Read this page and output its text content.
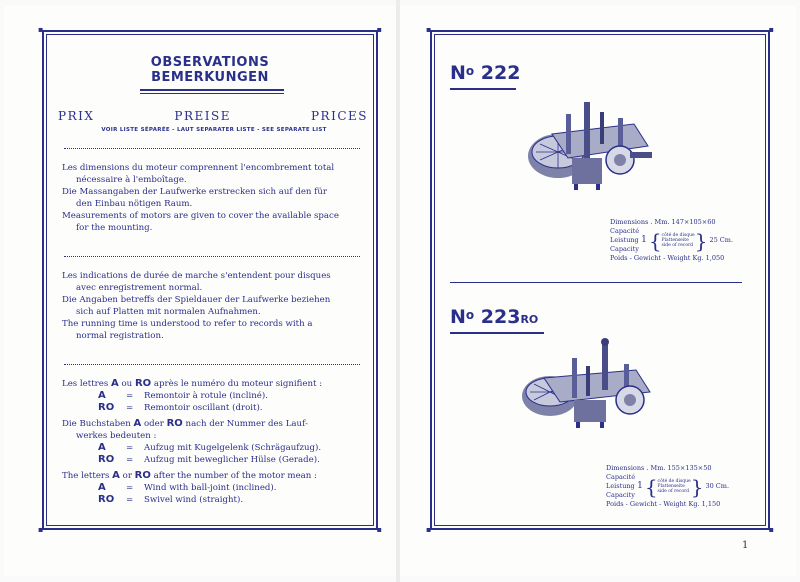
▪	▪
▪	▪
OBSERVATIONS
BEMERKUNGEN
PRIX	PREISE	PRICES
VOIR LISTE SÉPARÉE - LAUT SEPARATER LISTE - SEE SEPARATE LIST
Les dimensions du moteur comprennent l'encombrement total
nécessaire à l'emboîtage.
Die Massangaben der Laufwerke erstrecken sich auf den für
den Einbau nötigen Raum.
Measurements of motors are given to cover the available space
for the mounting.
Les indications de durée de marche s'entendent pour disques
avec enregistrement normal.
Die Angaben betreffs der Spieldauer der Laufwerke beziehen
sich auf Platten mit normalen Aufnahmen.
The running time is understood to refer to records with a
normal registration.
Les lettres A ou RO après le numéro du moteur signifient :
A = Remontoir à rotule (incliné).
RO = Remontoir oscillant (droit).
Die Buchstaben A oder RO nach der Nummer des Lauf-
werkes bedeuten :
A = Aufzug mit Kugelgelenk (Schrägaufzug).
RO = Aufzug mit beweglicher Hülse (Gerade).
The letters A or RO after the number of the motor mean :
A = Wind with ball-joint (inclined).
RO = Swivel wind (straight).
▪	▪
▪	▪
$N^o$ 222
Dimensions . Mm. 147×105×60
Capacité
Leistung
Capacity
1 { côté de disque
Plattenseite
side of record } 25 Cm.
Poids - Gewicht - Weight Kg. 1,050
$N^o$ 223RO
Dimensions . Mm. 155×135×50
Capacité
Leistung
Capacity
1 { côté de disque
Plattenseite
side of record } 30 Cm.
Poids - Gewicht - Weight Kg. 1,150
1
